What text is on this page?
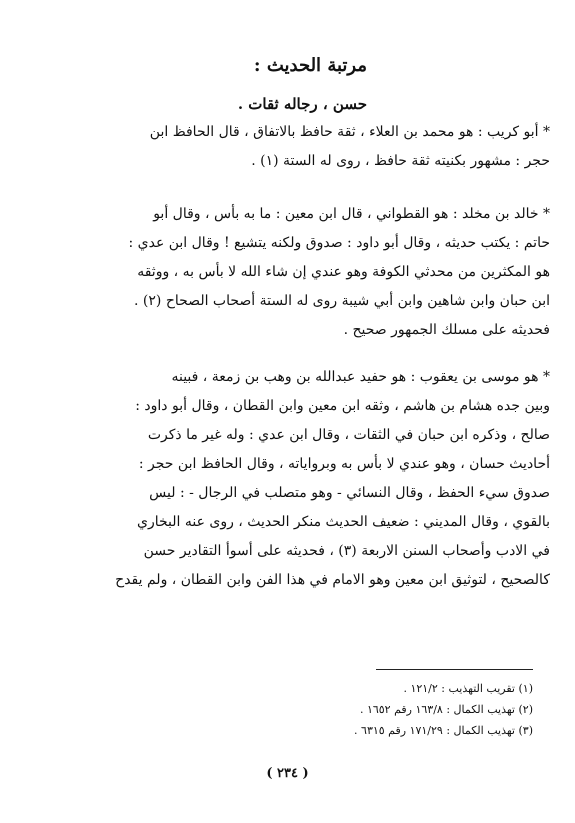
مرتبة الحديث :
حسن ، رجاله ثقات .
* أبو كريب : هو محمد بن العلاء ، ثقة حافظ بالاتفاق ، قال الحافظ ابن
حجر : مشهور بكنيته ثقة حافظ ، روى له الستة (١) .
* خالد بن مخلد : هو القطواني ، قال ابن معين : ما به بأس ، وقال أبو
حاتم : يكتب حديثه ، وقال أبو داود : صدوق ولكنه يتشيع ! وقال ابن عدي :
هو المكثرين من محدثي الكوفة وهو عندي إن شاء الله لا بأس به ، ووثقه
ابن حبان وابن شاهين وابن أبي شيبة روى له الستة أصحاب الصحاح (٢) .
فحديثه على مسلك الجمهور صحيح .
* هو موسى بن يعقوب : هو حفيد عبدالله بن وهب بن زمعة ، فبينه
وبين جده هشام بن هاشم ، وثقه ابن معين وابن القطان ، وقال أبو داود :
صالح ، وذكره ابن حبان في الثقات ، وقال ابن عدي : وله غير ما ذكرت
أحاديث حسان ، وهو عندي لا بأس به وبرواياته ، وقال الحافظ ابن حجر :
صدوق سيء الحفظ ، وقال النسائي - وهو متصلب في الرجال - : ليس
بالقوي ، وقال المديني : ضعيف الحديث منكر الحديث ، روى عنه البخاري
في الادب وأصحاب السنن الاربعة (٣) ، فحديثه على أسوأ التقادير حسن
كالصحيح ، لتوثيق ابن معين وهو الامام في هذا الفن وابن القطان ، ولم يقدح
(١) تقريب التهذيب : ١٢١/٢ .
(٢) تهذيب الكمال : ١٦٣/٨ رقم ١٦٥٢ .
(٣) تهذيب الكمال : ١٧١/٢٩ رقم ٦٣١٥ .
( ٢٣٤ )
